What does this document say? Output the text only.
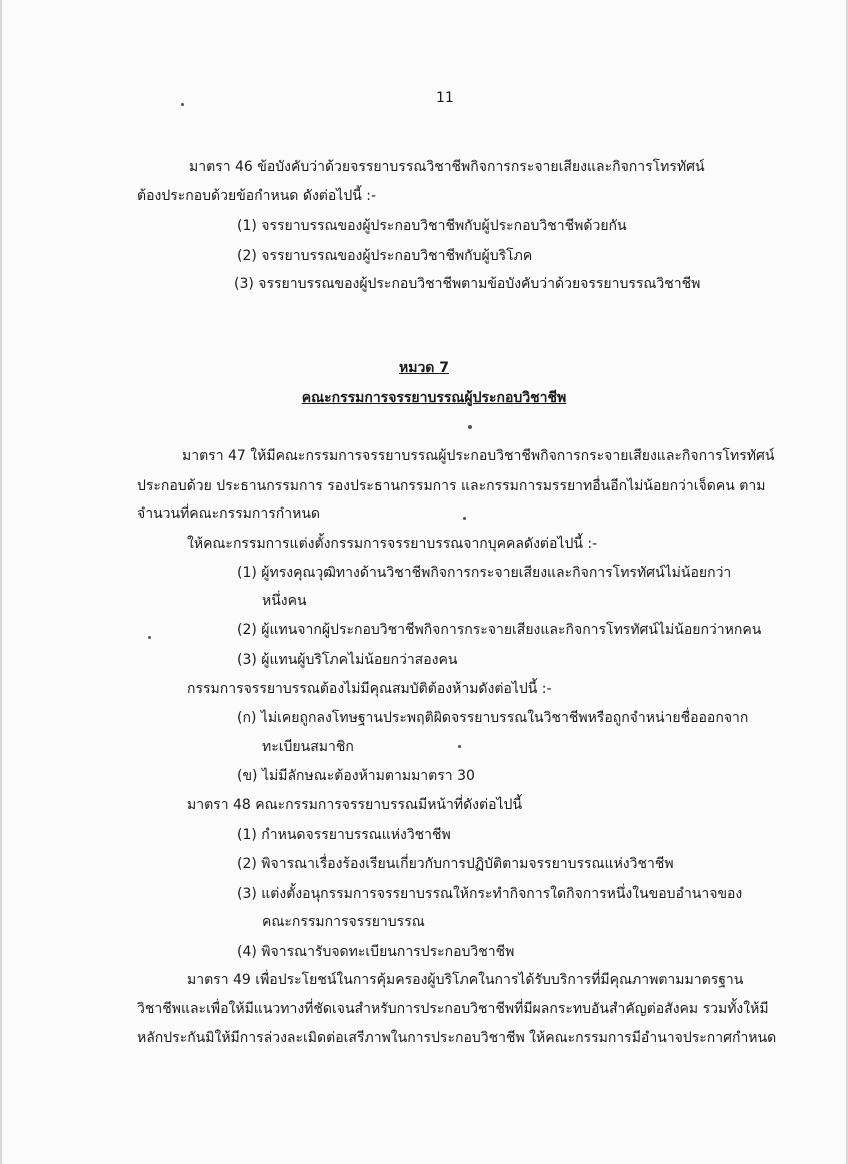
11
มาตรา 46 ข้อบังคับว่าด้วยจรรยาบรรณวิชาชีพกิจการกระจายเสียงและกิจการโทรทัศน์
ต้องประกอบด้วยข้อกำหนด ดังต่อไปนี้ :-
(1) จรรยาบรรณของผู้ประกอบวิชาชีพกับผู้ประกอบวิชาชีพด้วยกัน
(2) จรรยาบรรณของผู้ประกอบวิชาชีพกับผู้บริโภค
(3) จรรยาบรรณของผู้ประกอบวิชาชีพตามข้อบังคับว่าด้วยจรรยาบรรณวิชาชีพ
หมวด 7
คณะกรรมการจรรยาบรรณผู้ประกอบวิชาชีพ
มาตรา 47 ให้มีคณะกรรมการจรรยาบรรณผู้ประกอบวิชาชีพกิจการกระจายเสียงและกิจการโทรทัศน์
ประกอบด้วย ประธานกรรมการ รองประธานกรรมการ และกรรมการมรรยาทอื่นอีกไม่น้อยกว่าเจ็ดคน ตาม
จำนวนที่คณะกรรมการกำหนด
ให้คณะกรรมการแต่งตั้งกรรมการจรรยาบรรณจากบุคคลดังต่อไปนี้ :-
(1) ผู้ทรงคุณวุฒิทางด้านวิชาชีพกิจการกระจายเสียงและกิจการโทรทัศน์ไม่น้อยกว่า
หนึ่งคน
(2) ผู้แทนจากผู้ประกอบวิชาชีพกิจการกระจายเสียงและกิจการโทรทัศน์ไม่น้อยกว่าหกคน
(3) ผู้แทนผู้บริโภคไม่น้อยกว่าสองคน
กรรมการจรรยาบรรณต้องไม่มีคุณสมบัติต้องห้ามดังต่อไปนี้ :-
(ก) ไม่เคยถูกลงโทษฐานประพฤติผิดจรรยาบรรณในวิชาชีพหรือถูกจำหน่ายชื่อออกจาก
ทะเบียนสมาชิก
(ข) ไม่มีลักษณะต้องห้ามตามมาตรา 30
มาตรา 48 คณะกรรมการจรรยาบรรณมีหน้าที่ดังต่อไปนี้
(1) กำหนดจรรยาบรรณแห่งวิชาชีพ
(2) พิจารณาเรื่องร้องเรียนเกี่ยวกับการปฏิบัติตามจรรยาบรรณแห่งวิชาชีพ
(3) แต่งตั้งอนุกรรมการจรรยาบรรณให้กระทำกิจการใดกิจการหนึ่งในขอบอำนาจของ
คณะกรรมการจรรยาบรรณ
(4) พิจารณารับจดทะเบียนการประกอบวิชาชีพ
มาตรา 49 เพื่อประโยชน์ในการคุ้มครองผู้บริโภคในการได้รับบริการที่มีคุณภาพตามมาตรฐาน
วิชาชีพและเพื่อให้มีแนวทางที่ชัดเจนสำหรับการประกอบวิชาชีพที่มีผลกระทบอันสำคัญต่อสังคม รวมทั้งให้มี
หลักประกันมิให้มีการล่วงละเมิดต่อเสรีภาพในการประกอบวิชาชีพ ให้คณะกรรมการมีอำนาจประกาศกำหนด
